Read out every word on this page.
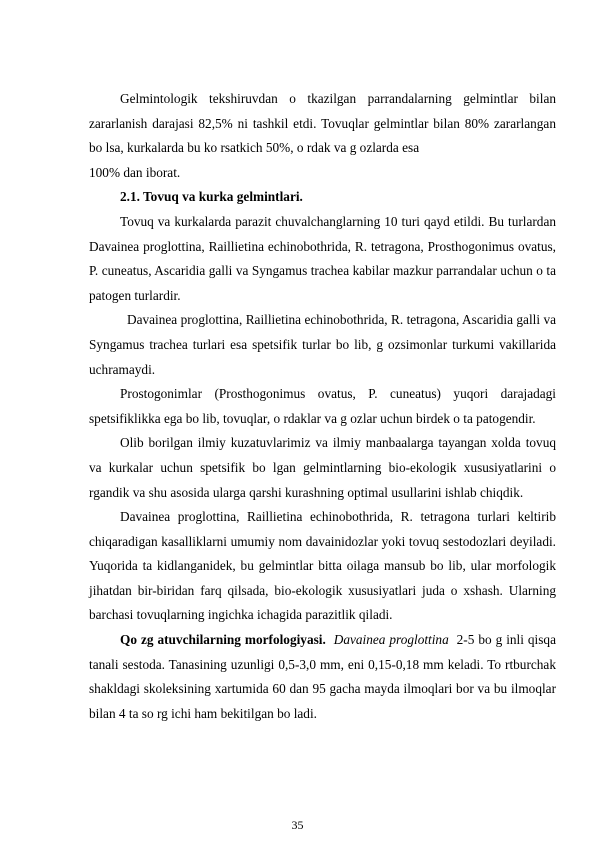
Gelmintologik tekshiruvdan o tkazilgan parrandalarning gelmintlar bilan zararlanish darajasi 82,5% ni tashkil etdi. Tovuqlar gelmintlar bilan 80% zararlangan bo lsa, kurkalarda bu ko rsatkich 50%, o rdak va g ozlarda esa

100% dan iborat.

2.1. Tovuq va kurka gelmintlari.

Tovuq va kurkalarda parazit chuvalchanglarning 10 turi qayd etildi. Bu turlardan Davainea proglottina, Raillietina echinobothrida, R. tetragona, Prosthogonimus ovatus, P. cuneatus, Ascaridia galli va Syngamus trachea kabilar mazkur parrandalar uchun o ta patogen turlardir.

Davainea proglottina, Raillietina echinobothrida, R. tetragona, Ascaridia galli va Syngamus trachea turlari esa spetsifik turlar bo lib, g ozsimonlar turkumi vakillarida uchramaydi.

Prostogonimlar (Prosthogonimus ovatus, P. cuneatus) yuqori darajadagi spetsifiklikka ega bo lib, tovuqlar, o rdaklar va g ozlar uchun birdek o ta patogendir.

Olib borilgan ilmiy kuzatuvlarimiz va ilmiy manbaalarga tayangan xolda tovuq va kurkalar uchun spetsifik bo lgan gelmintlarning bio-ekologik xususiyatlarini o rgandik va shu asosida ularga qarshi kurashning optimal usullarini ishlab chiqdik.

Davainea proglottina, Raillietina echinobothrida, R. tetragona turlari keltirib chiqaradigan kasalliklarni umumiy nom davainidozlar yoki tovuq sestodozlari deyiladi. Yuqorida ta kidlanganidek, bu gelmintlar bitta oilaga mansub bo lib, ular morfologik jihatdan bir-biridan farq qilsada, bio-ekologik xususiyatlari juda o xshash. Ularning barchasi tovuqlarning ingichka ichagida parazitlik qiladi.

Qo zg atuvchilarning morfologiyasi. Davainea proglottina 2-5 bo g inli qisqa tanali sestoda. Tanasining uzunligi 0,5-3,0 mm, eni 0,15-0,18 mm keladi. To rtburchak shakldagi skoleksining xartumida 60 dan 95 gacha mayda ilmoqlari bor va bu ilmoqlar bilan 4 ta so rg ichi ham bekitilgan bo ladi.

35
